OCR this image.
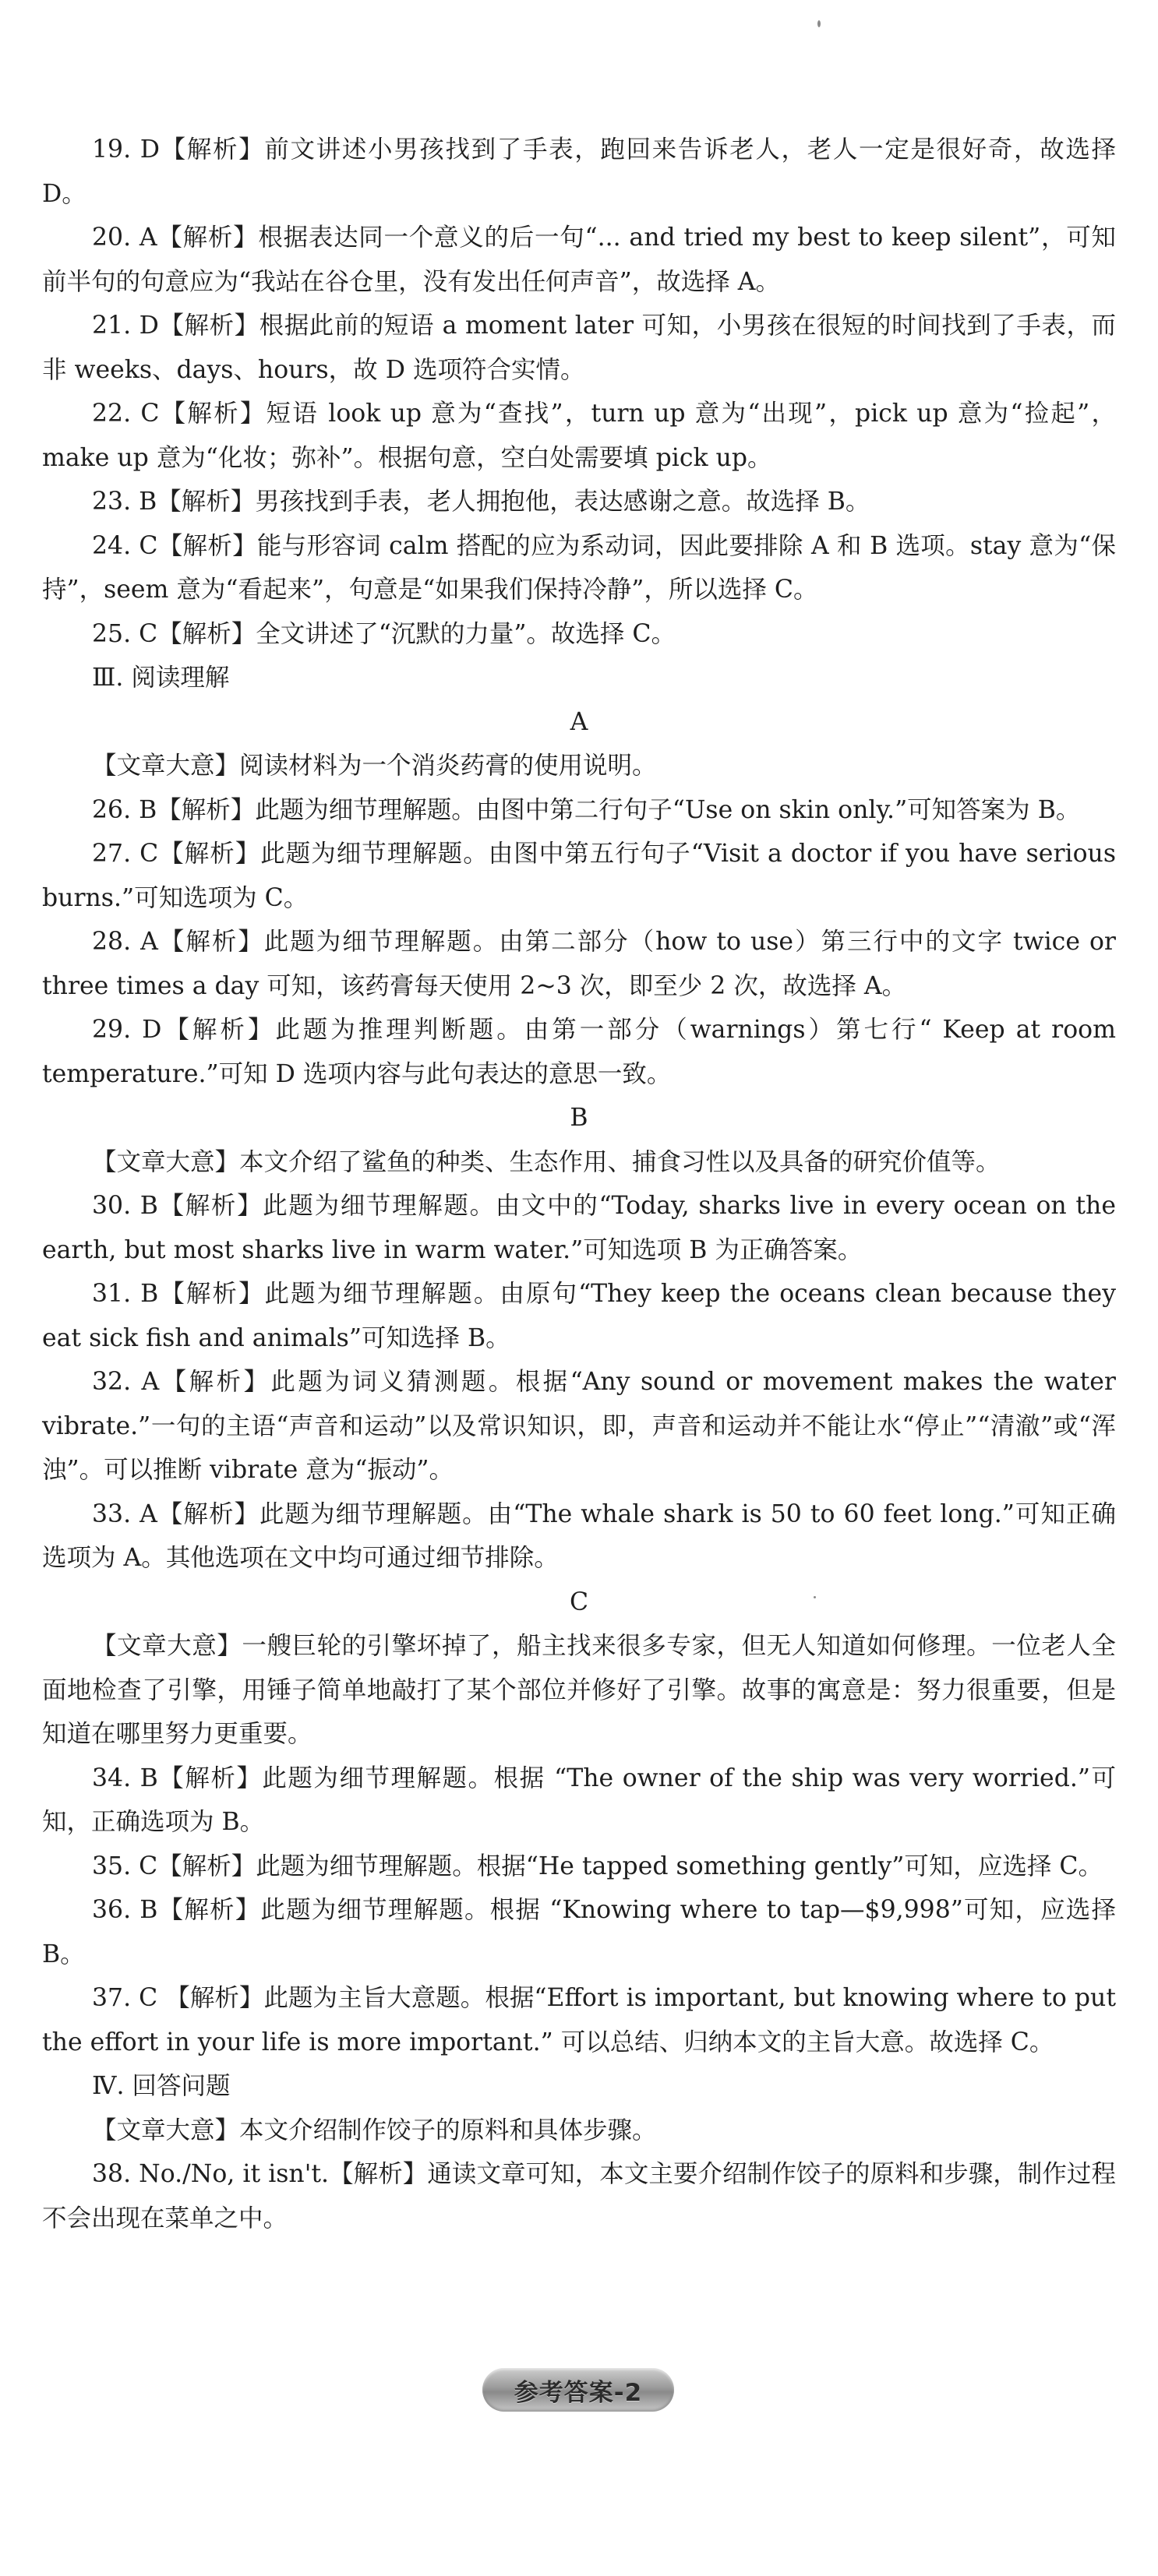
19. D【解析】前文讲述小男孩找到了手表，跑回来告诉老人，老人一定是很好奇，故选择 D。

20. A【解析】根据表达同一个意义的后一句“... and tried my best to keep silent”，可知前半句的句意应为“我站在谷仓里，没有发出任何声音”，故选择 A。

21. D【解析】根据此前的短语 a moment later 可知，小男孩在很短的时间找到了手表，而非 weeks、days、hours，故 D 选项符合实情。

22. C【解析】短语 look up 意为“查找”，turn up 意为“出现”，pick up 意为“捡起”，make up 意为“化妆；弥补”。根据句意，空白处需要填 pick up。

23. B【解析】男孩找到手表，老人拥抱他，表达感谢之意。故选择 B。

24. C【解析】能与形容词 calm 搭配的应为系动词，因此要排除 A 和 B 选项。stay 意为“保持”，seem 意为“看起来”，句意是“如果我们保持冷静”，所以选择 C。

25. C【解析】全文讲述了“沉默的力量”。故选择 C。

Ⅲ. 阅读理解

A

【文章大意】阅读材料为一个消炎药膏的使用说明。

26. B【解析】此题为细节理解题。由图中第二行句子“Use on skin only.”可知答案为 B。

27. C【解析】此题为细节理解题。由图中第五行句子“Visit a doctor if you have serious burns.”可知选项为 C。

28. A【解析】此题为细节理解题。由第二部分（how to use）第三行中的文字 twice or three times a day 可知，该药膏每天使用 2~3 次，即至少 2 次，故选择 A。

29. D【解析】此题为推理判断题。由第一部分（warnings）第七行“ Keep at room temperature.”可知 D 选项内容与此句表达的意思一致。

B

【文章大意】本文介绍了鲨鱼的种类、生态作用、捕食习性以及具备的研究价值等。

30. B【解析】此题为细节理解题。由文中的“Today, sharks live in every ocean on the earth, but most sharks live in warm water.”可知选项 B 为正确答案。

31. B【解析】此题为细节理解题。由原句“They keep the oceans clean because they eat sick fish and animals”可知选择 B。

32. A【解析】此题为词义猜测题。根据“Any sound or movement makes the water vibrate.”一句的主语“声音和运动”以及常识知识，即，声音和运动并不能让水“停止”“清澈”或“浑浊”。可以推断 vibrate 意为“振动”。

33. A【解析】此题为细节理解题。由“The whale shark is 50 to 60 feet long.”可知正确选项为 A。其他选项在文中均可通过细节排除。

C

【文章大意】一艘巨轮的引擎坏掉了，船主找来很多专家，但无人知道如何修理。一位老人全面地检查了引擎，用锤子简单地敲打了某个部位并修好了引擎。故事的寓意是：努力很重要，但是知道在哪里努力更重要。

34. B【解析】此题为细节理解题。根据 “The owner of the ship was very worried.”可知，正确选项为 B。

35. C【解析】此题为细节理解题。根据“He tapped something gently”可知，应选择 C。

36. B【解析】此题为细节理解题。根据 “Knowing where to tap—$9,998”可知，应选择 B。

37. C 【解析】此题为主旨大意题。根据“Effort is important, but knowing where to put the effort in your life is more important.” 可以总结、归纳本文的主旨大意。故选择 C。

Ⅳ. 回答问题

【文章大意】本文介绍制作饺子的原料和具体步骤。

38. No./No, it isn't.【解析】通读文章可知，本文主要介绍制作饺子的原料和步骤，制作过程不会出现在菜单之中。

参考答案-2
